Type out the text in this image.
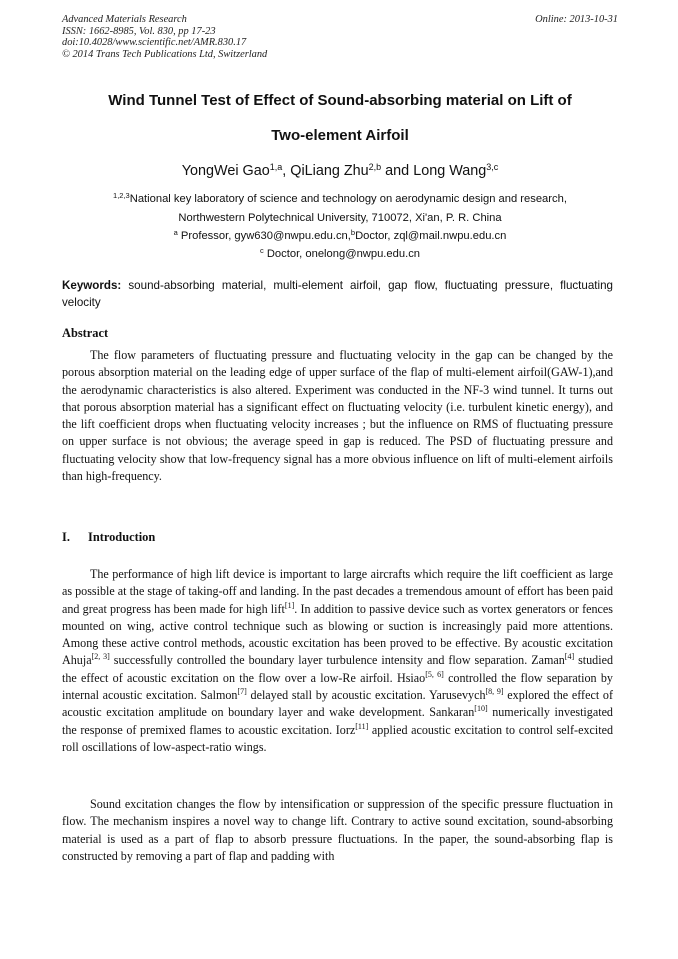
Advanced Materials Research
ISSN: 1662-8985, Vol. 830, pp 17-23
doi:10.4028/www.scientific.net/AMR.830.17
© 2014 Trans Tech Publications Ltd, Switzerland
Online: 2013-10-31
Wind Tunnel Test of Effect of Sound-absorbing material on Lift of
Two-element Airfoil
YongWei Gao$^{1,a}$, QiLiang Zhu$^{2,b}$ and Long Wang$^{3,c}$
$^{1,2,3}$National key laboratory of science and technology on aerodynamic design and research,
Northwestern Polytechnical University, 710072, Xi'an, P. R. China
$^a$ Professor, gyw630@nwpu.edu.cn,$^b$Doctor, zql@mail.nwpu.edu.cn
$^c$ Doctor, onelong@nwpu.edu.cn
Keywords: sound-absorbing material, multi-element airfoil, gap flow, fluctuating pressure, fluctuating velocity
Abstract
The flow parameters of fluctuating pressure and fluctuating velocity in the gap can be changed by the porous absorption material on the leading edge of upper surface of the flap of multi-element airfoil(GAW-1),and the aerodynamic characteristics is also altered. Experiment was conducted in the NF-3 wind tunnel. It turns out that porous absorption material has a significant effect on fluctuating velocity (i.e. turbulent kinetic energy), and the lift coefficient drops when fluctuating velocity increases ; but the influence on RMS of fluctuating pressure on upper surface is not obvious; the average speed in gap is reduced. The PSD of fluctuating pressure and fluctuating velocity show that low-frequency signal has a more obvious influence on lift of multi-element airfoils than high-frequency.
I. Introduction
The performance of high lift device is important to large aircrafts which require the lift coefficient as large as possible at the stage of taking-off and landing. In the past decades a tremendous amount of effort has been paid and great progress has been made for high lift[1]. In addition to passive device such as vortex generators or fences mounted on wing, active control technique such as blowing or suction is increasingly paid more attentions. Among these active control methods, acoustic excitation has been proved to be effective. By acoustic excitation Ahuja[2, 3] successfully controlled the boundary layer turbulence intensity and flow separation. Zaman[4] studied the effect of acoustic excitation on the flow over a low-Re airfoil. Hsiao[5, 6] controlled the flow separation by internal acoustic excitation. Salmon[7] delayed stall by acoustic excitation. Yarusevych[8, 9] explored the effect of acoustic excitation amplitude on boundary layer and wake development. Sankaran[10] numerically investigated the response of premixed flames to acoustic excitation. Iorz[11] applied acoustic excitation to control self-excited roll oscillations of low-aspect-ratio wings.
Sound excitation changes the flow by intensification or suppression of the specific pressure fluctuation in flow. The mechanism inspires a novel way to change lift. Contrary to active sound excitation, sound-absorbing material is used as a part of flap to absorb pressure fluctuations. In the paper, the sound-absorbing flap is constructed by removing a part of flap and padding with
